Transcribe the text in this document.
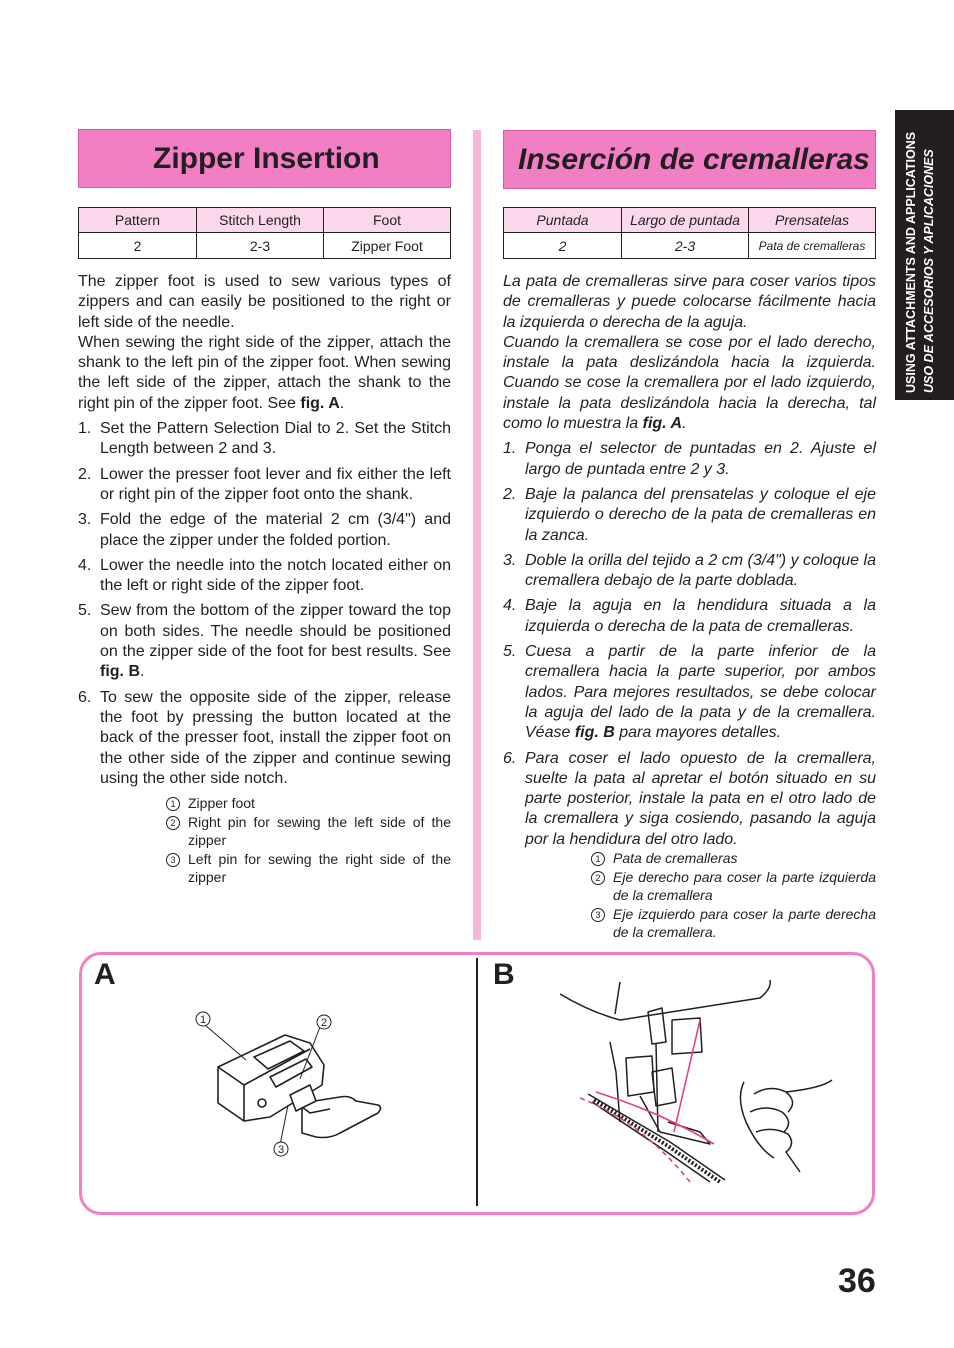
USING ATTACHMENTS AND APPLICATIONS USO DE ACCESORIOS Y APLICACIONES
Zipper Insertion
Pattern	Stitch Length	Foot
2	2-3	Zipper Foot

The zipper foot is used to sew various types of zippers and can easily be positioned to the right or left side of the needle.

When sewing the right side of the zipper, attach the shank to the left pin of the zipper foot. When sewing the left side of the zipper, attach the shank to the right pin of the zipper foot. See fig. A.

1. Set the Pattern Selection Dial to 2. Set the Stitch Length between 2 and 3.
2. Lower the presser foot lever and fix either the left or right pin of the zipper foot onto the shank.
3. Fold the edge of the material 2 cm (3/4") and place the zipper under the folded portion.
4. Lower the needle into the notch located either on the left or right side of the zipper foot.
5. Sew from the bottom of the zipper toward the top on both sides. The needle should be positioned on the zipper side of the foot for best results. See fig. B.
6. To sew the opposite side of the zipper, release the foot by pressing the button located at the back of the presser foot, install the zipper foot on the other side of the zipper and continue sewing using the other side notch.
1 Zipper foot
2 Right pin for sewing the left side of the zipper
3 Left pin for sewing the right side of the zipper
Inserción de cremalleras
Puntada	Largo de puntada	Prensatelas
2	2-3	Pata de cremalleras

La pata de cremalleras sirve para coser varios tipos de cremalleras y puede colocarse fácilmente hacia la izquierda o derecha de la aguja.

Cuando la cremallera se cose por el lado derecho, instale la pata deslizándola hacia la izquierda. Cuando se cose la cremallera por el lado izquierdo, instale la pata deslizándola hacia la derecha, tal como lo muestra la fig. A.

1. Ponga el selector de puntadas en 2. Ajuste el largo de puntada entre 2 y 3.
2. Baje la palanca del prensatelas y coloque el eje izquierdo o derecho de la pata de cremalleras en la zanca.
3. Doble la orilla del tejido a 2 cm (3/4") y coloque la cremallera debajo de la parte doblada.
4. Baje la aguja en la hendidura situada a la izquierda o derecha de la pata de cremalleras.
5. Cuesa a partir de la parte inferior de la cremallera hacia la parte superior, por ambos lados. Para mejores resultados, se debe colocar la aguja del lado de la pata y de la cremallera. Véase fig. B para mayores detalles.
6. Para coser el lado opuesto de la cremallera, suelte la pata al apretar el botón situado en su parte posterior, instale la pata en el otro lado de la cremallera y siga cosiendo, pasando la aguja por la hendidura del otro lado.
1 Pata de cremalleras
2 Eje derecho para coser la parte izquierda de la cremallera
3 Eje izquierdo para coser la parte derecha de la cremallera.
A	B
1	2
3
36
